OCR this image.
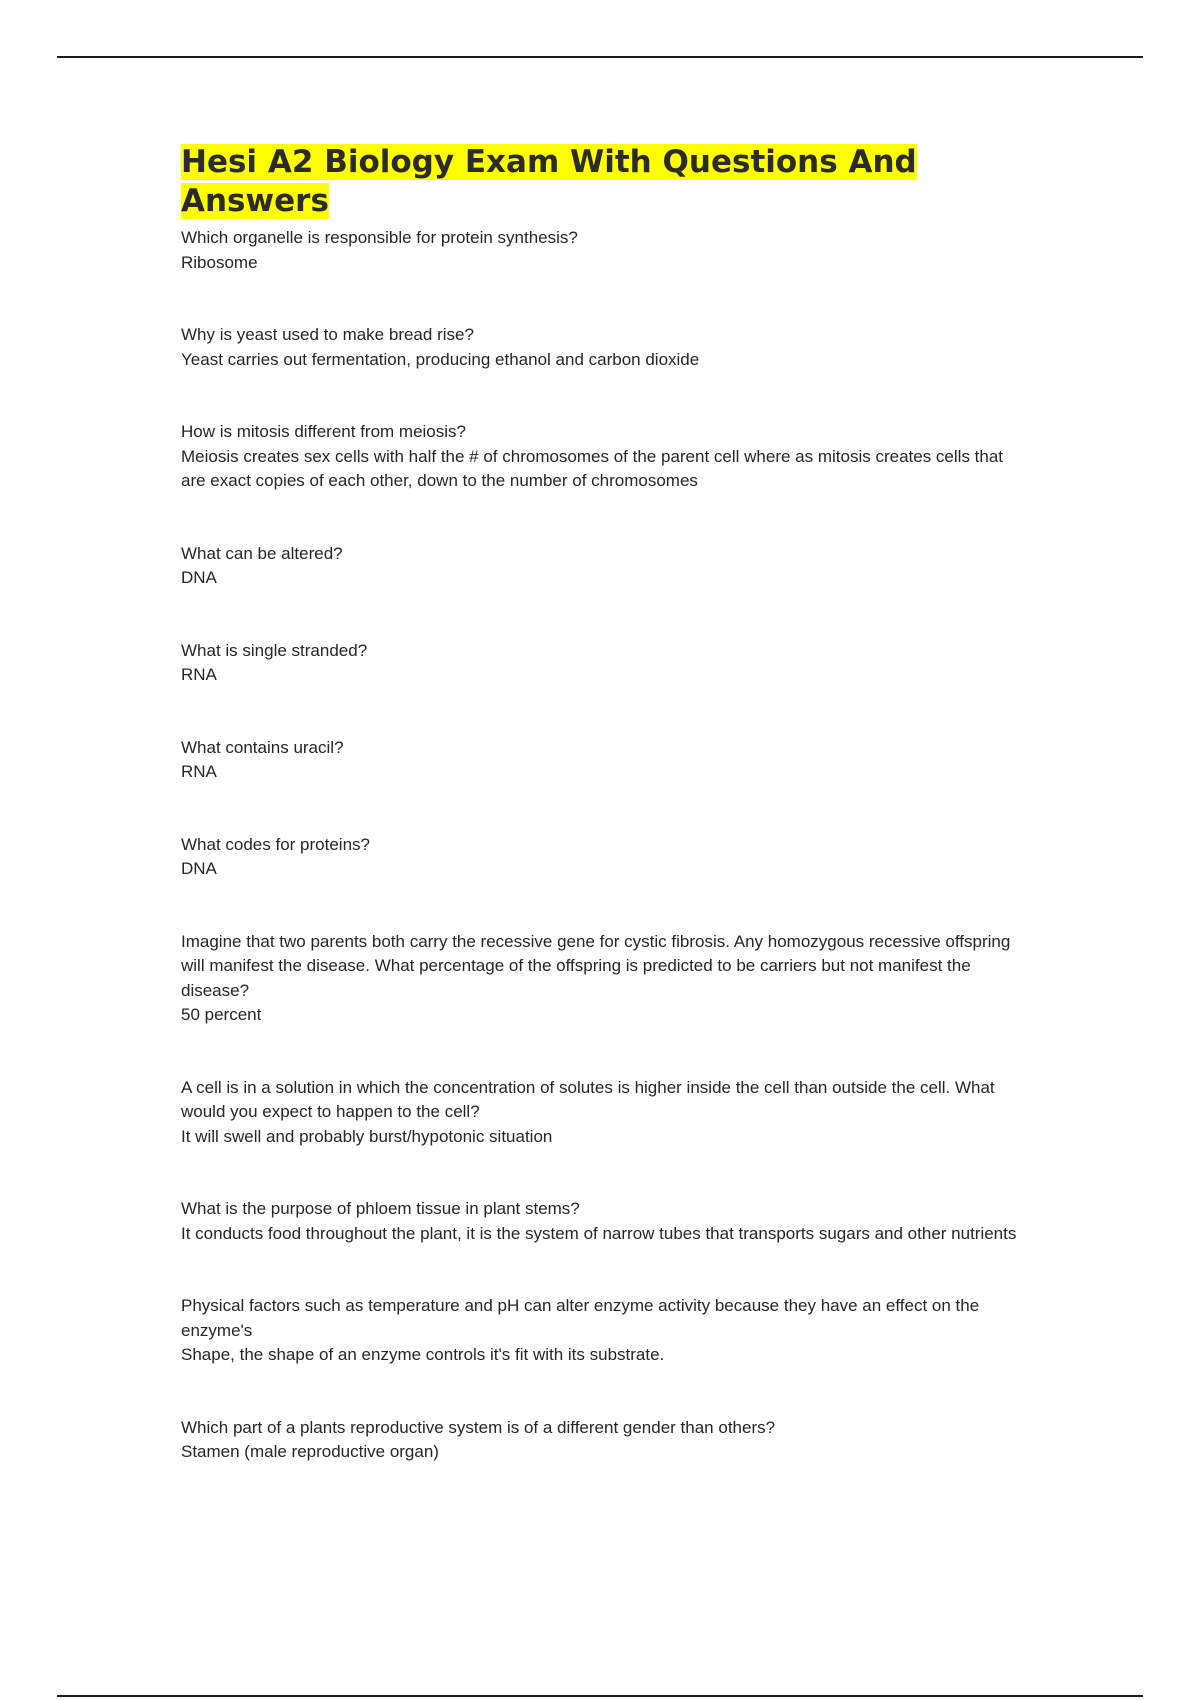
Hesi A2 Biology Exam With Questions And Answers

Which organelle is responsible for protein synthesis?

Ribosome

Why is yeast used to make bread rise?

Yeast carries out fermentation, producing ethanol and carbon dioxide

How is mitosis different from meiosis?

Meiosis creates sex cells with half the # of chromosomes of the parent cell where as mitosis creates cells that are exact copies of each other, down to the number of chromosomes

What can be altered?

DNA

What is single stranded?

RNA

What contains uracil?

RNA

What codes for proteins?

DNA

Imagine that two parents both carry the recessive gene for cystic fibrosis. Any homozygous recessive offspring will manifest the disease. What percentage of the offspring is predicted to be carriers but not manifest the disease?

50 percent

A cell is in a solution in which the concentration of solutes is higher inside the cell than outside the cell. What would you expect to happen to the cell?

It will swell and probably burst/hypotonic situation

What is the purpose of phloem tissue in plant stems?

It conducts food throughout the plant, it is the system of narrow tubes that transports sugars and other nutrients

Physical factors such as temperature and pH can alter enzyme activity because they have an effect on the enzyme's

Shape, the shape of an enzyme controls it's fit with its substrate.

Which part of a plants reproductive system is of a different gender than others?

Stamen (male reproductive organ)
